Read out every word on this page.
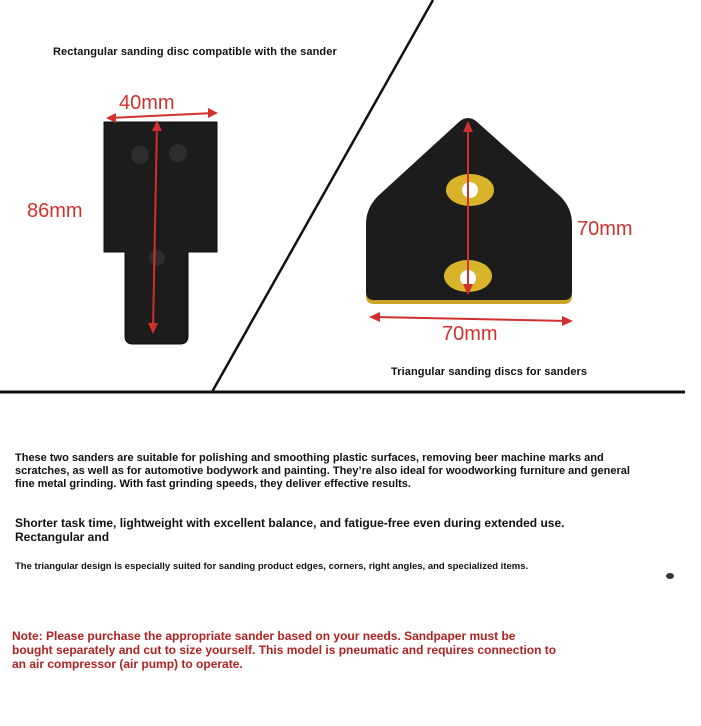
Rectangular sanding disc compatible with the sander
40mm
86mm
70mm
70mm
Triangular sanding discs for sanders
These two sanders are suitable for polishing and smoothing plastic surfaces, removing beer machine marks and scratches, as well as for automotive bodywork and painting. They’re also ideal for woodworking furniture and general fine metal grinding. With fast grinding speeds, they deliver effective results.
Shorter task time, lightweight with excellent balance, and fatigue-free even during extended use. Rectangular and
The triangular design is especially suited for sanding product edges, corners, right angles, and specialized items.
Note: Please purchase the appropriate sander based on your needs. Sandpaper must be bought separately and cut to size yourself. This model is pneumatic and requires connection to an air compressor (air pump) to operate.
